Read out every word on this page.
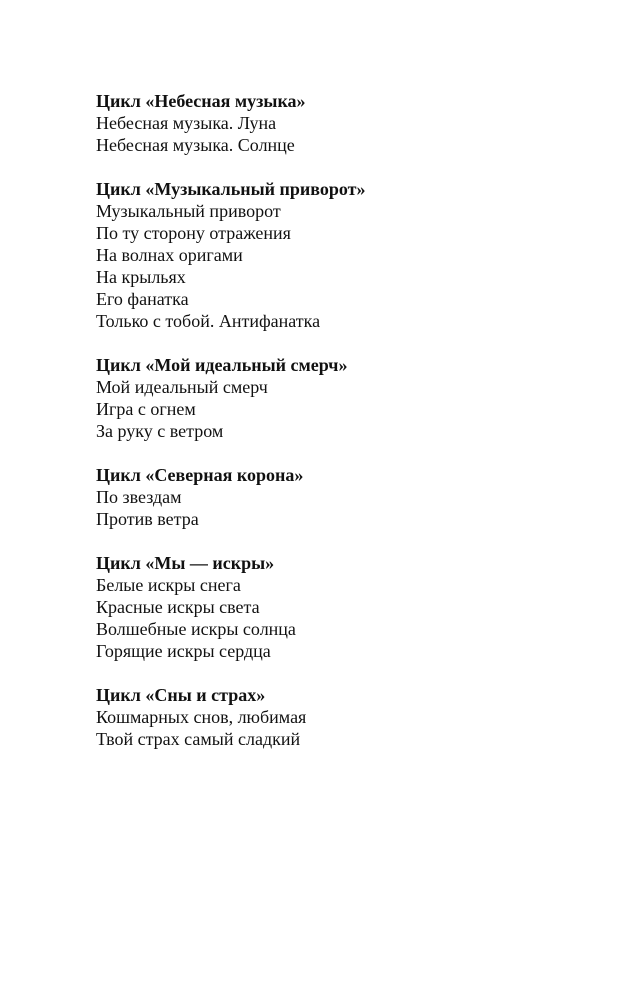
Цикл «Небесная музыка»
Небесная музыка. Луна
Небесная музыка. Солнце
Цикл «Музыкальный приворот»
Музыкальный приворот
По ту сторону отражения
На волнах оригами
На крыльях
Его фанатка
Только с тобой. Антифанатка
Цикл «Мой идеальный смерч»
Мой идеальный смерч
Игра с огнем
За руку с ветром
Цикл «Северная корона»
По звездам
Против ветра
Цикл «Мы — искры»
Белые искры снега
Красные искры света
Волшебные искры солнца
Горящие искры сердца
Цикл «Сны и страх»
Кошмарных снов, любимая
Твой страх самый сладкий
